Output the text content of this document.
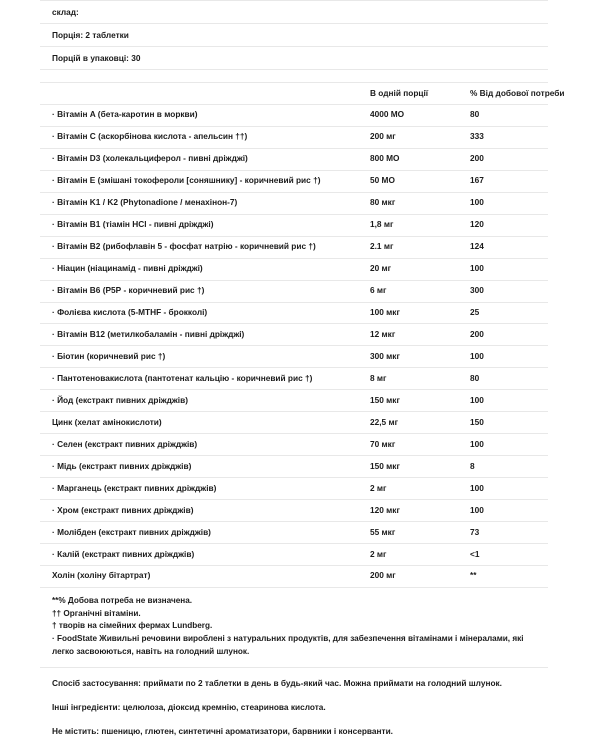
склад:
Порція: 2 таблетки
Порцій в упаковці: 30
	В одній порції	% Від добової потреби
· Вітамін A (бета-каротин в моркви)	4000 МО	80
· Вітамін C (аскорбінова кислота - апельсин ††)	200 мг	333
· Вітамін D3 (холекальциферол - пивні дріжджі)	800 МО	200
· Вітамін E (змішані токофероли [соняшнику] - коричневий рис †)	50 МО	167
· Вітамін K1 / K2 (Phytonadione / менахінон-7)	80 мкг	100
· Вітамін B1 (тіамін HCl - пивні дріжджі)	1,8 мг	120
· Вітамін B2 (рибофлавін 5 - фосфат натрію - коричневий рис †)	2.1 мг	124
· Ніацин (ніацинамід - пивні дріжджі)	20 мг	100
· Вітамін B6 (Р5Р - коричневий рис †)	6 мг	300
· Фолієва кислота (5-MTHF - брокколі)	100 мкг	25
· Вітамін B12 (метилкобаламін - пивні дріжджі)	12 мкг	200
· Біотин (коричневий рис †)	300 мкг	100
· Пантотеновакислота (пантотенат кальцію - коричневий рис †)	8 мг	80
· Йод (екстракт пивних дріжджів)	150 мкг	100
Цинк (хелат амінокислоти)	22,5 мг	150
· Селен (екстракт пивних дріжджів)	70 мкг	100
· Мідь (екстракт пивних дріжджів)	150 мкг	8
· Марганець (екстракт пивних дріжджів)	2 мг	100
· Хром (екстракт пивних дріжджів)	120 мкг	100
· Молібден (екстракт пивних дріжджів)	55 мкг	73
· Калій (екстракт пивних дріжджів)	2 мг	<1
Холін (холіну бітартрат)	200 мг	**
**% Добова потреба не визначена.
†† Органічні вітаміни.
† творів на сімейних фермах Lundberg.
· FoodState Живильні речовини вироблені з натуральних продуктів, для забезпечення вітамінами і мінералами, які легко засвоюються, навіть на голодний шлунок.

Спосіб застосування: приймати по 2 таблетки в день в будь-який час. Можна приймати на голодний шлунок.

Інші інгредієнти: целюлоза, діоксид кремнію, стеаринова кислота.

Не містить: пшеницю, глютен, синтетичні ароматизатори, барвники і консерванти.
